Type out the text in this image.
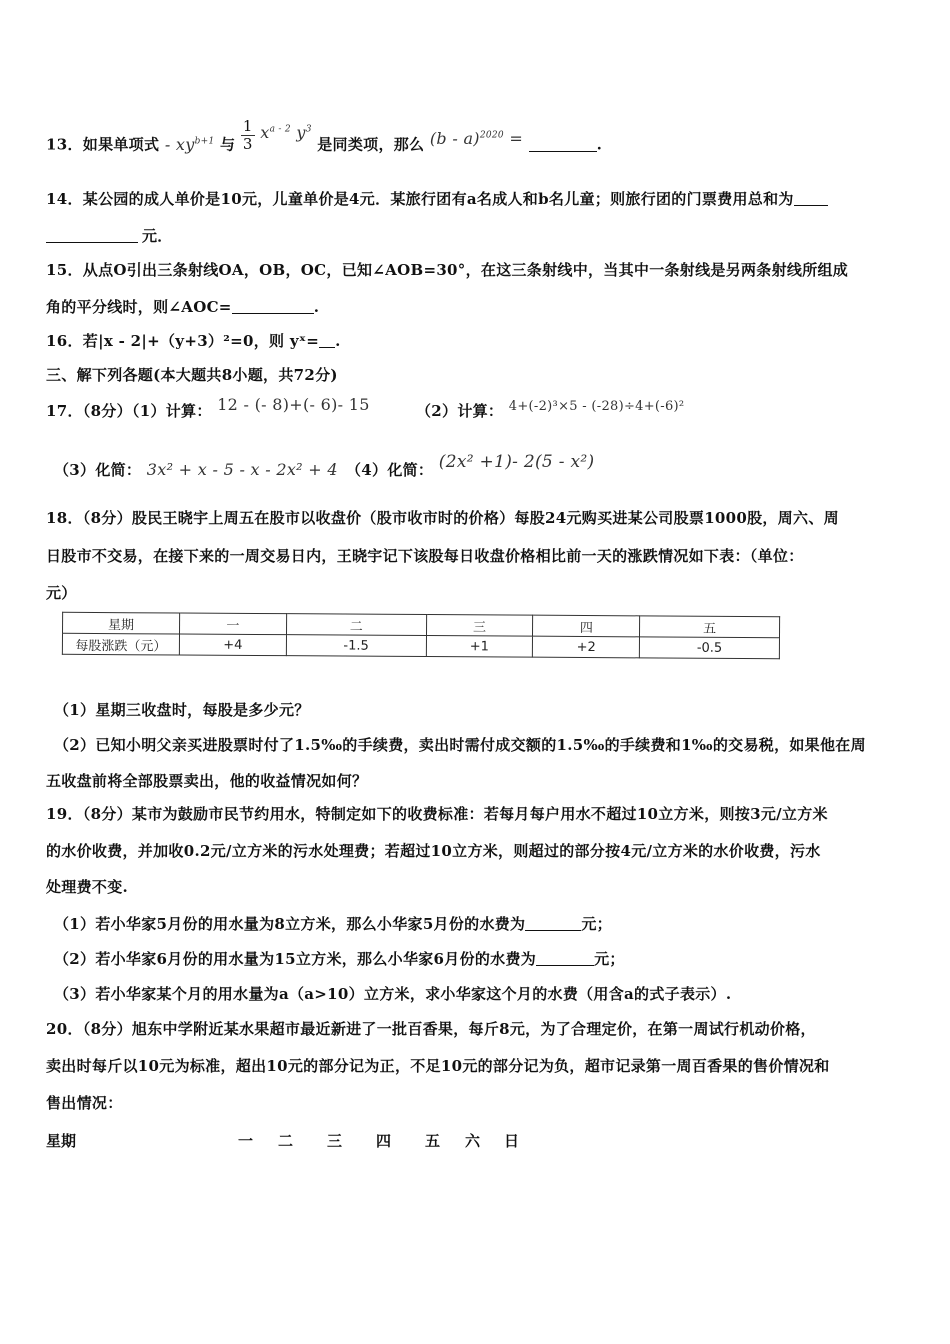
13．如果单项式 - $xy^{b+1}$ 与 $\frac{1}{3} x^{a - 2}$ $y^3$ 是同类项，那么 (b - a)$^{2020}$ =	.
14．某公园的成人单价是10元，儿童单价是4元．某旅行团有a名成人和b名儿童；则旅行团的门票费用总和为
元．
15．从点O引出三条射线OA，OB，OC，已知∠AOB=30°，在这三条射线中，当其中一条射线是另两条射线所组成
角的平分线时，则∠AOC=	.
16．若|x - 2|+（y+3）²=0，则 yˣ= .
三、解下列各题(本大题共8小题，共72分)
17．（8分）（1）计算： 12 - (- 8)+(- 6)- 15	（2）计算： 4+(-2)³×5 - (-28)÷4+(-6)²
（3）化简： 3x² + x - 5 - x - 2x² + 4 （4）化简： (2x² +1)- 2(5 - x²)
18．（8分）股民王晓宇上周五在股市以收盘价（股市收市时的价格）每股24元购买进某公司股票1000股，周六、周
日股市不交易，在接下来的一周交易日内，王晓宇记下该股每日收盘价格相比前一天的涨跌情况如下表：（单位：
元）
星期	一	二	三	四	五
每股涨跌（元）	+4	-1.5	+1	+2	-0.5
（1）星期三收盘时，每股是多少元？
（2）已知小明父亲买进股票时付了1.5‰的手续费，卖出时需付成交额的1.5‰的手续费和1‰的交易税，如果他在周
五收盘前将全部股票卖出，他的收益情况如何？
19．（8分）某市为鼓励市民节约用水，特制定如下的收费标准：若每月每户用水不超过10立方米，则按3元/立方米
的水价收费，并加收0.2元/立方米的污水处理费；若超过10立方米，则超过的部分按4元/立方米的水价收费，污水
处理费不变.
（1）若小华家5月份的用水量为8立方米，那么小华家5月份的水费为	元；
（2）若小华家6月份的用水量为15立方米，那么小华家6月份的水费为	元；
（3）若小华家某个月的用水量为a（a>10）立方米，求小华家这个月的水费（用含a的式子表示）.
20．（8分）旭东中学附近某水果超市最近新进了一批百香果，每斤8元，为了合理定价，在第一周试行机动价格，
卖出时每斤以10元为标准，超出10元的部分记为正，不足10元的部分记为负，超市记录第一周百香果的售价情况和
售出情况：
星期	一 二 三 四 五 六 日
